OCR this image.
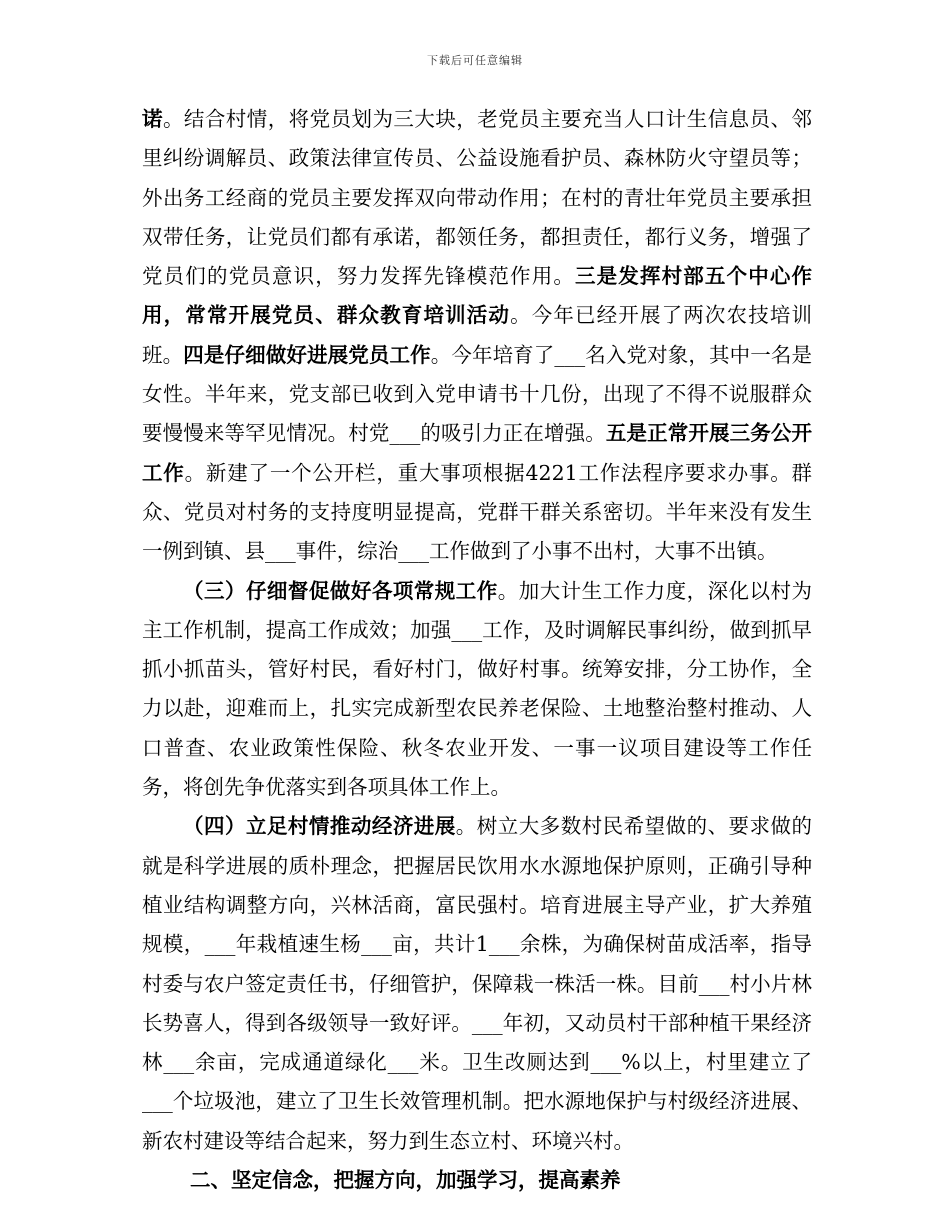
下载后可任意编辑

诺。结合村情，将党员划为三大块，老党员主要充当人口计生信息员、邻里纠纷调解员、政策法律宣传员、公益设施看护员、森林防火守望员等；外出务工经商的党员主要发挥双向带动作用；在村的青壮年党员主要承担双带任务，让党员们都有承诺，都领任务，都担责任，都行义务，增强了党员们的党员意识，努力发挥先锋模范作用。三是发挥村部五个中心作用，常常开展党员、群众教育培训活动。今年已经开展了两次农技培训班。四是仔细做好进展党员工作。今年培育了___名入党对象，其中一名是女性。半年来，党支部已收到入党申请书十几份，出现了不得不说服群众要慢慢来等罕见情况。村党___的吸引力正在增强。五是正常开展三务公开工作。新建了一个公开栏，重大事项根据4221工作法程序要求办事。群众、党员对村务的支持度明显提高，党群干群关系密切。半年来没有发生一例到镇、县___事件，综治___工作做到了小事不出村，大事不出镇。

（三）仔细督促做好各项常规工作。加大计生工作力度，深化以村为主工作机制，提高工作成效；加强___工作，及时调解民事纠纷，做到抓早抓小抓苗头，管好村民，看好村门，做好村事。统筹安排，分工协作，全力以赴，迎难而上，扎实完成新型农民养老保险、土地整治整村推动、人口普查、农业政策性保险、秋冬农业开发、一事一议项目建设等工作任务，将创先争优落实到各项具体工作上。

（四）立足村情推动经济进展。树立大多数村民希望做的、要求做的就是科学进展的质朴理念，把握居民饮用水水源地保护原则，正确引导种植业结构调整方向，兴林活商，富民强村。培育进展主导产业，扩大养殖规模，___年栽植速生杨___亩，共计1___余株，为确保树苗成活率，指导村委与农户签定责任书，仔细管护，保障栽一株活一株。目前___村小片林长势喜人，得到各级领导一致好评。___年初，又动员村干部种植干果经济林___余亩，完成通道绿化___米。卫生改厕达到___%以上，村里建立了___个垃圾池，建立了卫生长效管理机制。把水源地保护与村级经济进展、新农村建设等结合起来，努力到生态立村、环境兴村。

二、坚定信念，把握方向，加强学习，提高素养
